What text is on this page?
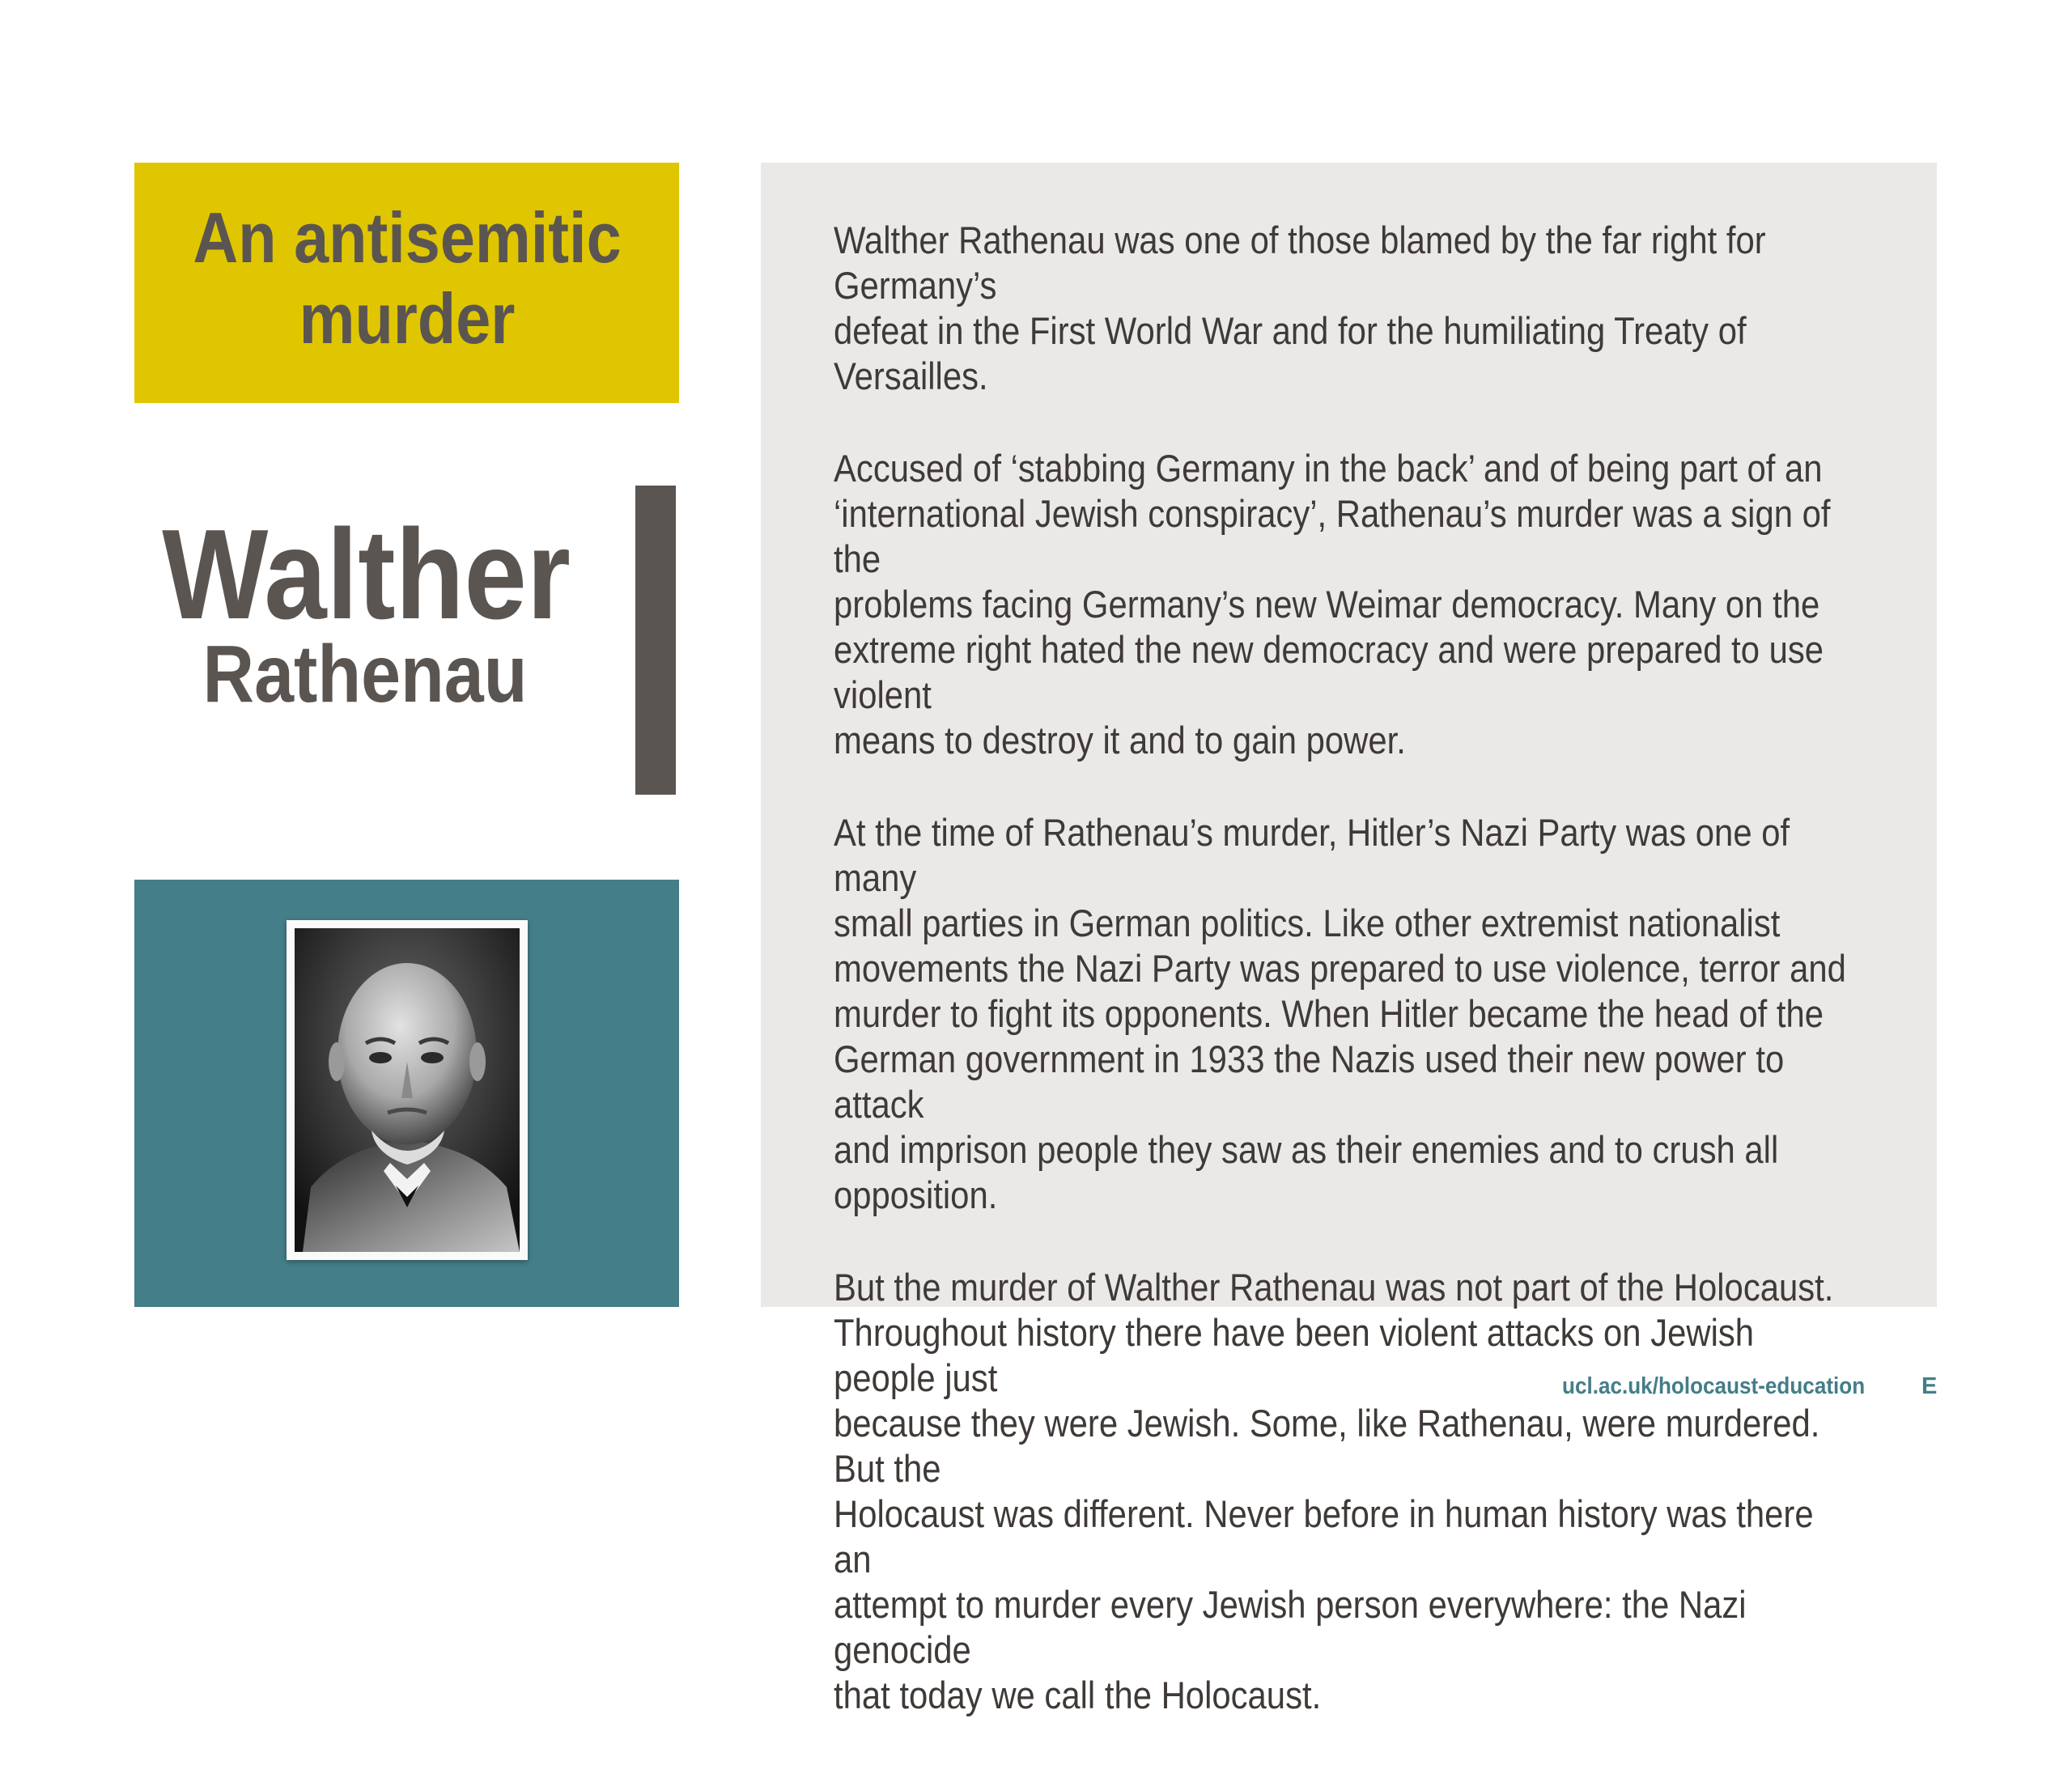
An antisemitic
murder
Walther
Rathenau

Walther Rathenau was one of those blamed by the far right for Germany’s
defeat in the First World War and for the humiliating Treaty of Versailles.

Accused of ‘stabbing Germany in the back’ and of being part of an
‘international Jewish conspiracy’, Rathenau’s murder was a sign of the
problems facing Germany’s new Weimar democracy. Many on the
extreme right hated the new democracy and were prepared to use violent
means to destroy it and to gain power.

At the time of Rathenau’s murder, Hitler’s Nazi Party was one of many
small parties in German politics. Like other extremist nationalist
movements the Nazi Party was prepared to use violence, terror and
murder to fight its opponents. When Hitler became the head of the
German government in 1933 the Nazis used their new power to attack
and imprison people they saw as their enemies and to crush all
opposition.

But the murder of Walther Rathenau was not part of the Holocaust.
Throughout history there have been violent attacks on Jewish people just
because they were Jewish. Some, like Rathenau, were murdered. But the
Holocaust was different. Never before in human history was there an
attempt to murder every Jewish person everywhere: the Nazi genocide
that today we call the Holocaust.

ucl.ac.uk/holocaust-education E
